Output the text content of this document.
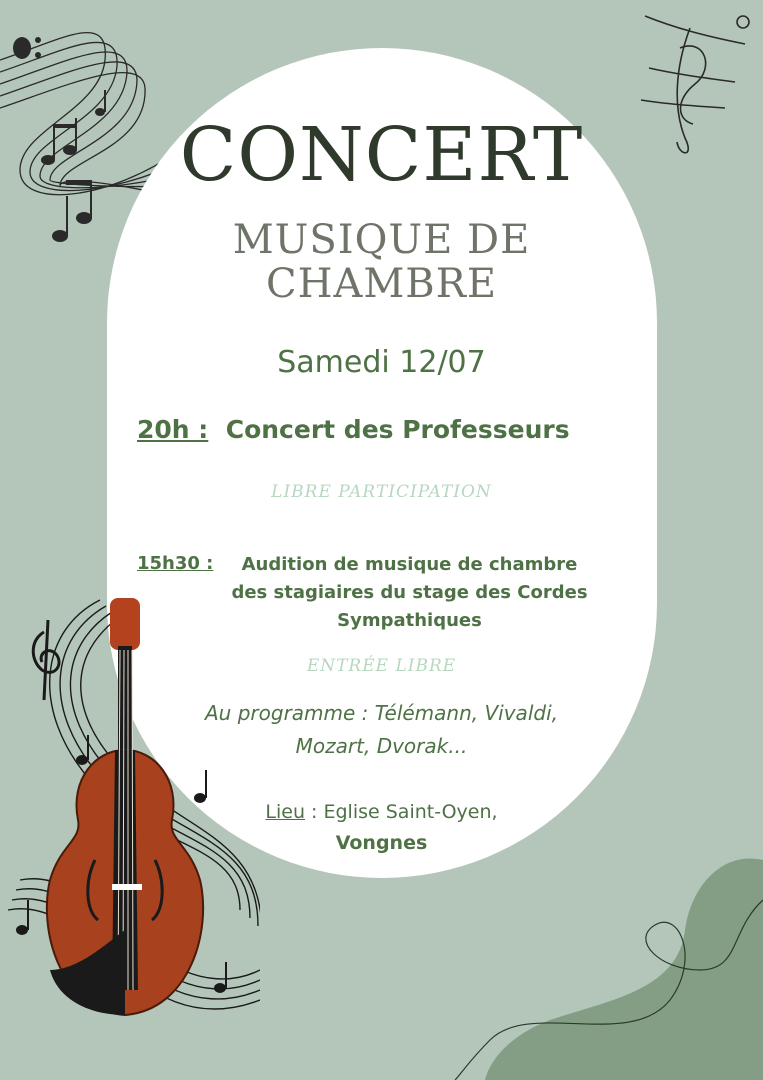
CONCERT
MUSIQUE DE
CHAMBRE
Samedi 12/07
20h : Concert des Professeurs
LIBRE PARTICIPATION
15h30 :	Audition de musique de chambre
des stagiaires du stage des Cordes
Sympathiques
ENTRÉE LIBRE
Au programme : Télémann, Vivaldi,
Mozart, Dvorak...
Lieu : Eglise Saint-Oyen,
Vongnes
